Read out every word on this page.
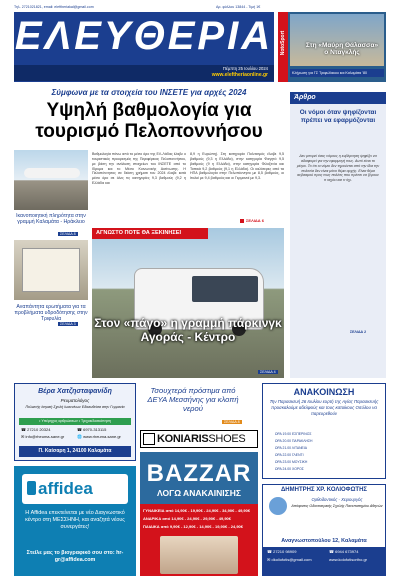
Τηλ. 2721021821, email: eleftheriakal@gmail.com	Αρ. φύλλου 13844 - Τιμή 1€
ΕΛΕΥΘΕΡΙΑ
Πέμπτη 25 Ιουλίου 2024
www.eleftheriaonline.gr
NotoSport	Στη «Μαύρη Θάλασσα» ο Νταγκλής
Κλήρωση για ΓΣ Τριφυλίακου και Καλαμάτα '80
Σύμφωνα με τα στοιχεία του ΙΝΣΕΤΕ για αρχές 2024
Υψηλή βαθμολογία για τουρισμό Πελοποννήσου
Βαθμολογία πάνω από το μέσο όρο της ΕΛ-Λάδας έλαβε ο τουριστικός προορισμός της Περιφέρειας Πελοποννήσου, με βάση την ανάλυση στοιχείων του ΙΝΣΕΤΕ από το Ιδρυμα και το Μέσο Κοινωνικής Ακτίνωσης. Η Πελοπόννησος σε δείκτη χρήματι του 2024 έλαβε κατά μέσο όρο σε όλες τις κατηγορίες 9,3 βαθμούς (9,2 η Ελλάδα και
8,9 η Ευρώπη). Στη κατηγορία Πολιτισμός έλαβε 9,5 βαθμούς (9,3 η Ελλάδα), στην κατηγορία Φαγητό 9,5 βαθμούς (9 η Ελλάδα), στην κατηγορία Φιλοξενία και Τοπικά 9,2 βαθμούς (9,1 η Ελλάδα). Οι καλύτερες από τα ΗΠΑ βαθμολογία στην Πελοπόννησο με 8,5 βαθμούς, οι Ιταλοί με 9,4 βαθμούς και οι Γερμανοί με 9,3.
ΣΕΛΙΔΑ 6
Ικανοποιητική πληρότητα στην γραμμή Καλαμάτα - Ηράκλειο
ΣΕΛΙΔΑ 8
Αναπάντητα ερωτήματα για τα προβλήματα υδροδότησης στην Τριφυλία
ΣΕΛΙΔΑ 3
Άρθρο
Οι νόμοι όταν ψηφίζονται πρέπει να εφαρμόζονται
Δεν μπορεί όσες νόμους η κυβέρνηση ψηφίζει να αδιαφορεί για την εφαρμογή τους. Αυτό είναι το μέτρο. Το ότι οι νόμοι δεν τηρούνται από την ίδια την πολιτεία δεν είναι μόνο θέμα αρχής. Είναι θέμα σεβασμού προς τους πολίτες που πρέπει να ξέρουν τι ισχύει και τι όχι.
ΣΕΛΙΔΑ 2
ΑΓΝΩΣΤΟ ΠΟΤΕ ΘΑ ΞΕΚΙΝΗΣΕΙ
Στον «πάγο» η γραμμή πάρκινγκ Αγοράς - Κέντρο
ΣΕΛΙΔΑ 4
Βέρα Χατζησταφανίδη
Ρευματολόγος
Πολυετής Ιατρική Σχολή Ιωαννίνων Εδικευθείσα στην Γερμανία
• Υπέρηχος αρθρώσεων • Τριχοειδοσκόπηση
☎ 27210 20324	☎ 6970-313115
✉ info@rheuma-sane.gr	🌐 www.rheuma-sane.gr
Π. Καίσαρη 1, 24100 Καλαμάτα
affidea
Η Affidea επεκτείνεται με νέο Διαγνωστικό κέντρο στη ΜΕΣΣΗΝΗ, και αναζητά νέους συνεργάτες!
Στείλε μας το βιογραφικό σου στο: hr-gr@affidea.com
Τσουχτερά πρόστιμα από ΔΕΥΑ Μεσσήνης για κλοπή νερού
ΣΕΛΙΔΑ 8
KONIARISSHOES
BAZZAR
ΛΟΓΩ ΑΝΑΚΑΙΝΙΣΗΣ
ΓΥΝΑΙΚΕΙΑ από 14,90€ - 19,90€ - 24,90€ - 34,90€ - 49,90€
ΑΝΔΡΙΚΑ από 14,90€ - 24,90€ - 29,90€ - 49,90€
ΠΑΙΔΙΚΑ από 9,90€ - 12,90€ - 14,90€ - 19,90€ - 24,90€
ΑΝΑΚΟΙΝΩΣΗ
Την Παρασκευή 26 Ιουλίου εορτή της Αγίας Παρασκευής προσκαλούμε αδελφούς και τους κατοίκους Οιτύλου να παρευρεθούν
ΩΡΑ 19.00 ΕΣΠΕΡΙΝΟΣ
ΩΡΑ 20.00 ΠΑΡΑΚΛΗΣΗ
ΩΡΑ 21.00 ΛΙΤΑΝΕΙΑ
ΩΡΑ 22.00 ΓΛΕΝΤΙ
ΩΡΑ 23.00 ΜΟΥΣΙΚΗ
ΩΡΑ 24.00 ΧΟΡΟΣ
ΔΗΜΗΤΡΗΣ ΧΡ. ΚΟΛΙΟΦΩΤΗΣ
Ορθοδοντικός - Χειρουργός
Απόφοιτος Οδοντιατρικής Σχολής Πανεπιστημίου Αθηνών
Αναγνωστοπούλου 12, Καλαμάτα
☎ 27210 98909	☎ 6944 673974
✉ dkoliofotis@gmail.com	www.kolofotisortho.gr
